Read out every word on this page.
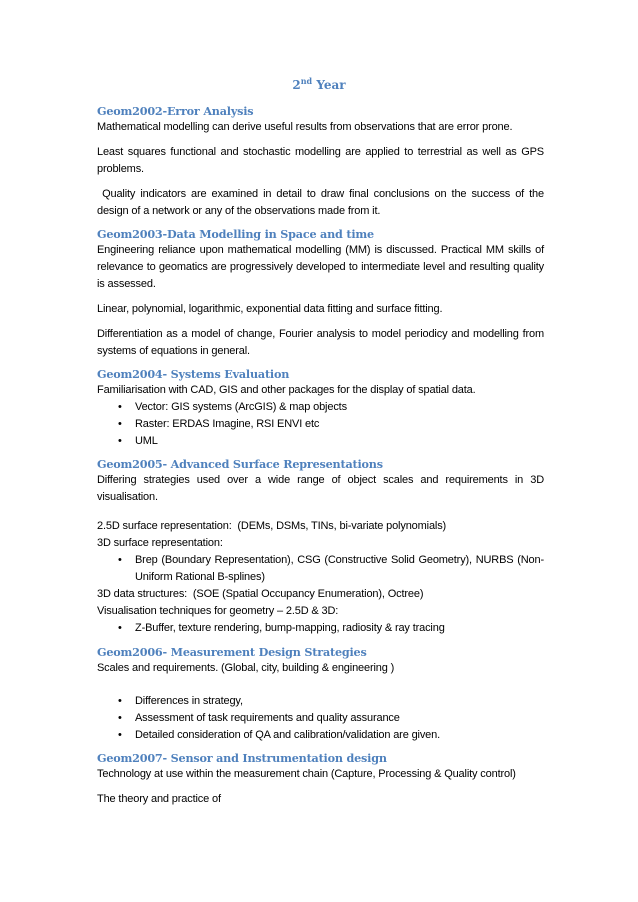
2nd Year

Geom2002-Error Analysis

Mathematical modelling can derive useful results from observations that are error prone.

Least squares functional and stochastic modelling are applied to terrestrial as well as GPS problems.

Quality indicators are examined in detail to draw final conclusions on the success of the design of a network or any of the observations made from it.

Geom2003-Data Modelling in Space and time

Engineering reliance upon mathematical modelling (MM) is discussed. Practical MM skills of relevance to geomatics are progressively developed to intermediate level and resulting quality is assessed.

Linear, polynomial, logarithmic, exponential data fitting and surface fitting.

Differentiation as a model of change, Fourier analysis to model periodicy and modelling from systems of equations in general.

Geom2004- Systems Evaluation

Familiarisation with CAD, GIS and other packages for the display of spatial data.

• Vector: GIS systems (ArcGIS) & map objects
• Raster: ERDAS Imagine, RSI ENVI etc
• UML

Geom2005- Advanced Surface Representations

Differing strategies used over a wide range of object scales and requirements in 3D visualisation.

2.5D surface representation:  (DEMs, DSMs, TINs, bi-variate polynomials)

3D surface representation:

• Brep (Boundary Representation), CSG (Constructive Solid Geometry), NURBS (Non-Uniform Rational B-splines)

3D data structures:  (SOE (Spatial Occupancy Enumeration), Octree)

Visualisation techniques for geometry – 2.5D & 3D:

• Z-Buffer, texture rendering, bump-mapping, radiosity & ray tracing

Geom2006- Measurement Design Strategies

Scales and requirements. (Global, city, building & engineering )

• Differences in strategy,
• Assessment of task requirements and quality assurance
• Detailed consideration of QA and calibration/validation are given.

Geom2007- Sensor and Instrumentation design

Technology at use within the measurement chain (Capture, Processing & Quality control)

The theory and practice of
